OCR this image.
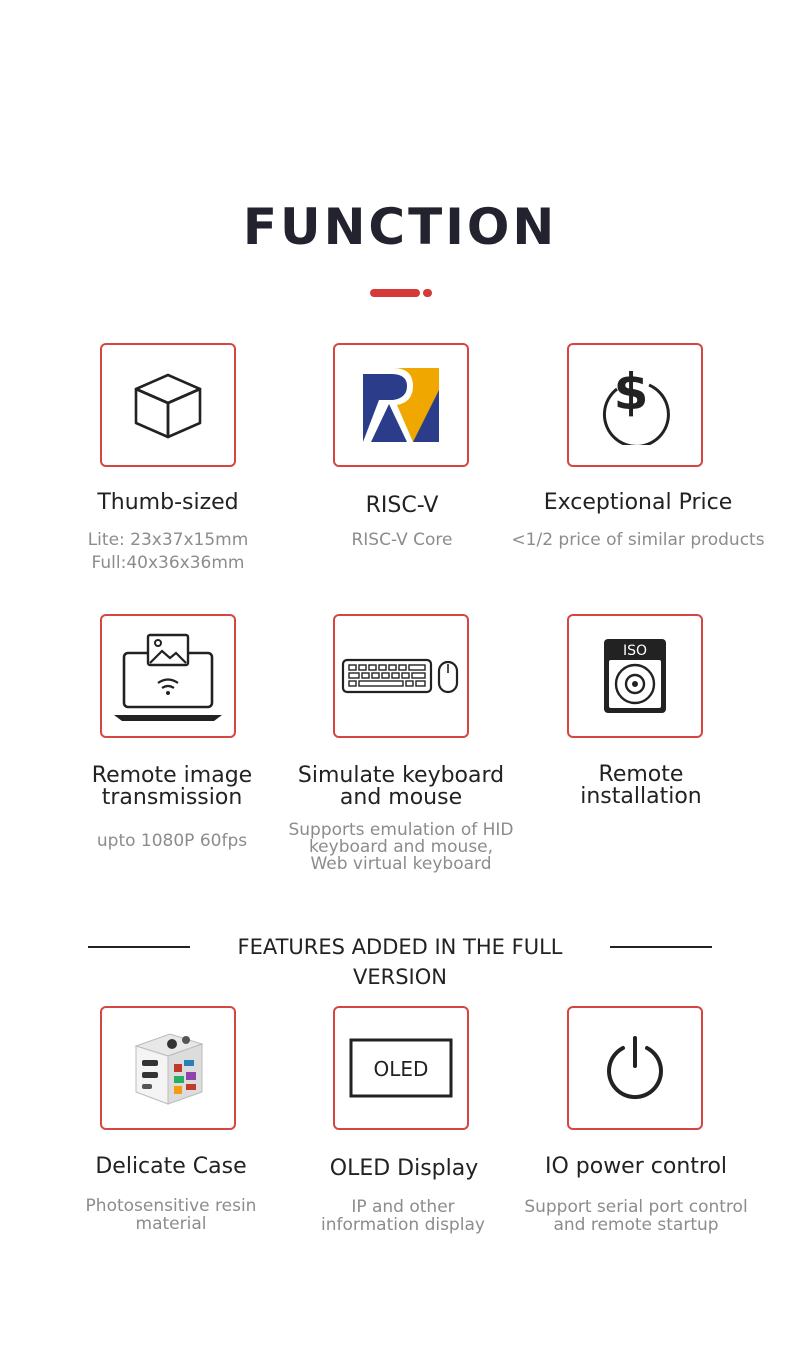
FUNCTION
$
Thumb-sized
Lite: 23x37x15mm
Full:40x36x36mm
RISC-V
RISC-V Core
Exceptional Price
<1/2 price of similar products
ISO
Remote image
transmission
upto 1080P 60fps
Simulate keyboard
and mouse
Supports emulation of HID
keyboard and mouse,
Web virtual keyboard
Remote
installation
FEATURES ADDED IN THE FULL VERSION
OLED
Delicate Case
Photosensitive resin
material
OLED Display
IP and other
information display
IO power control
Support serial port control
and remote startup
